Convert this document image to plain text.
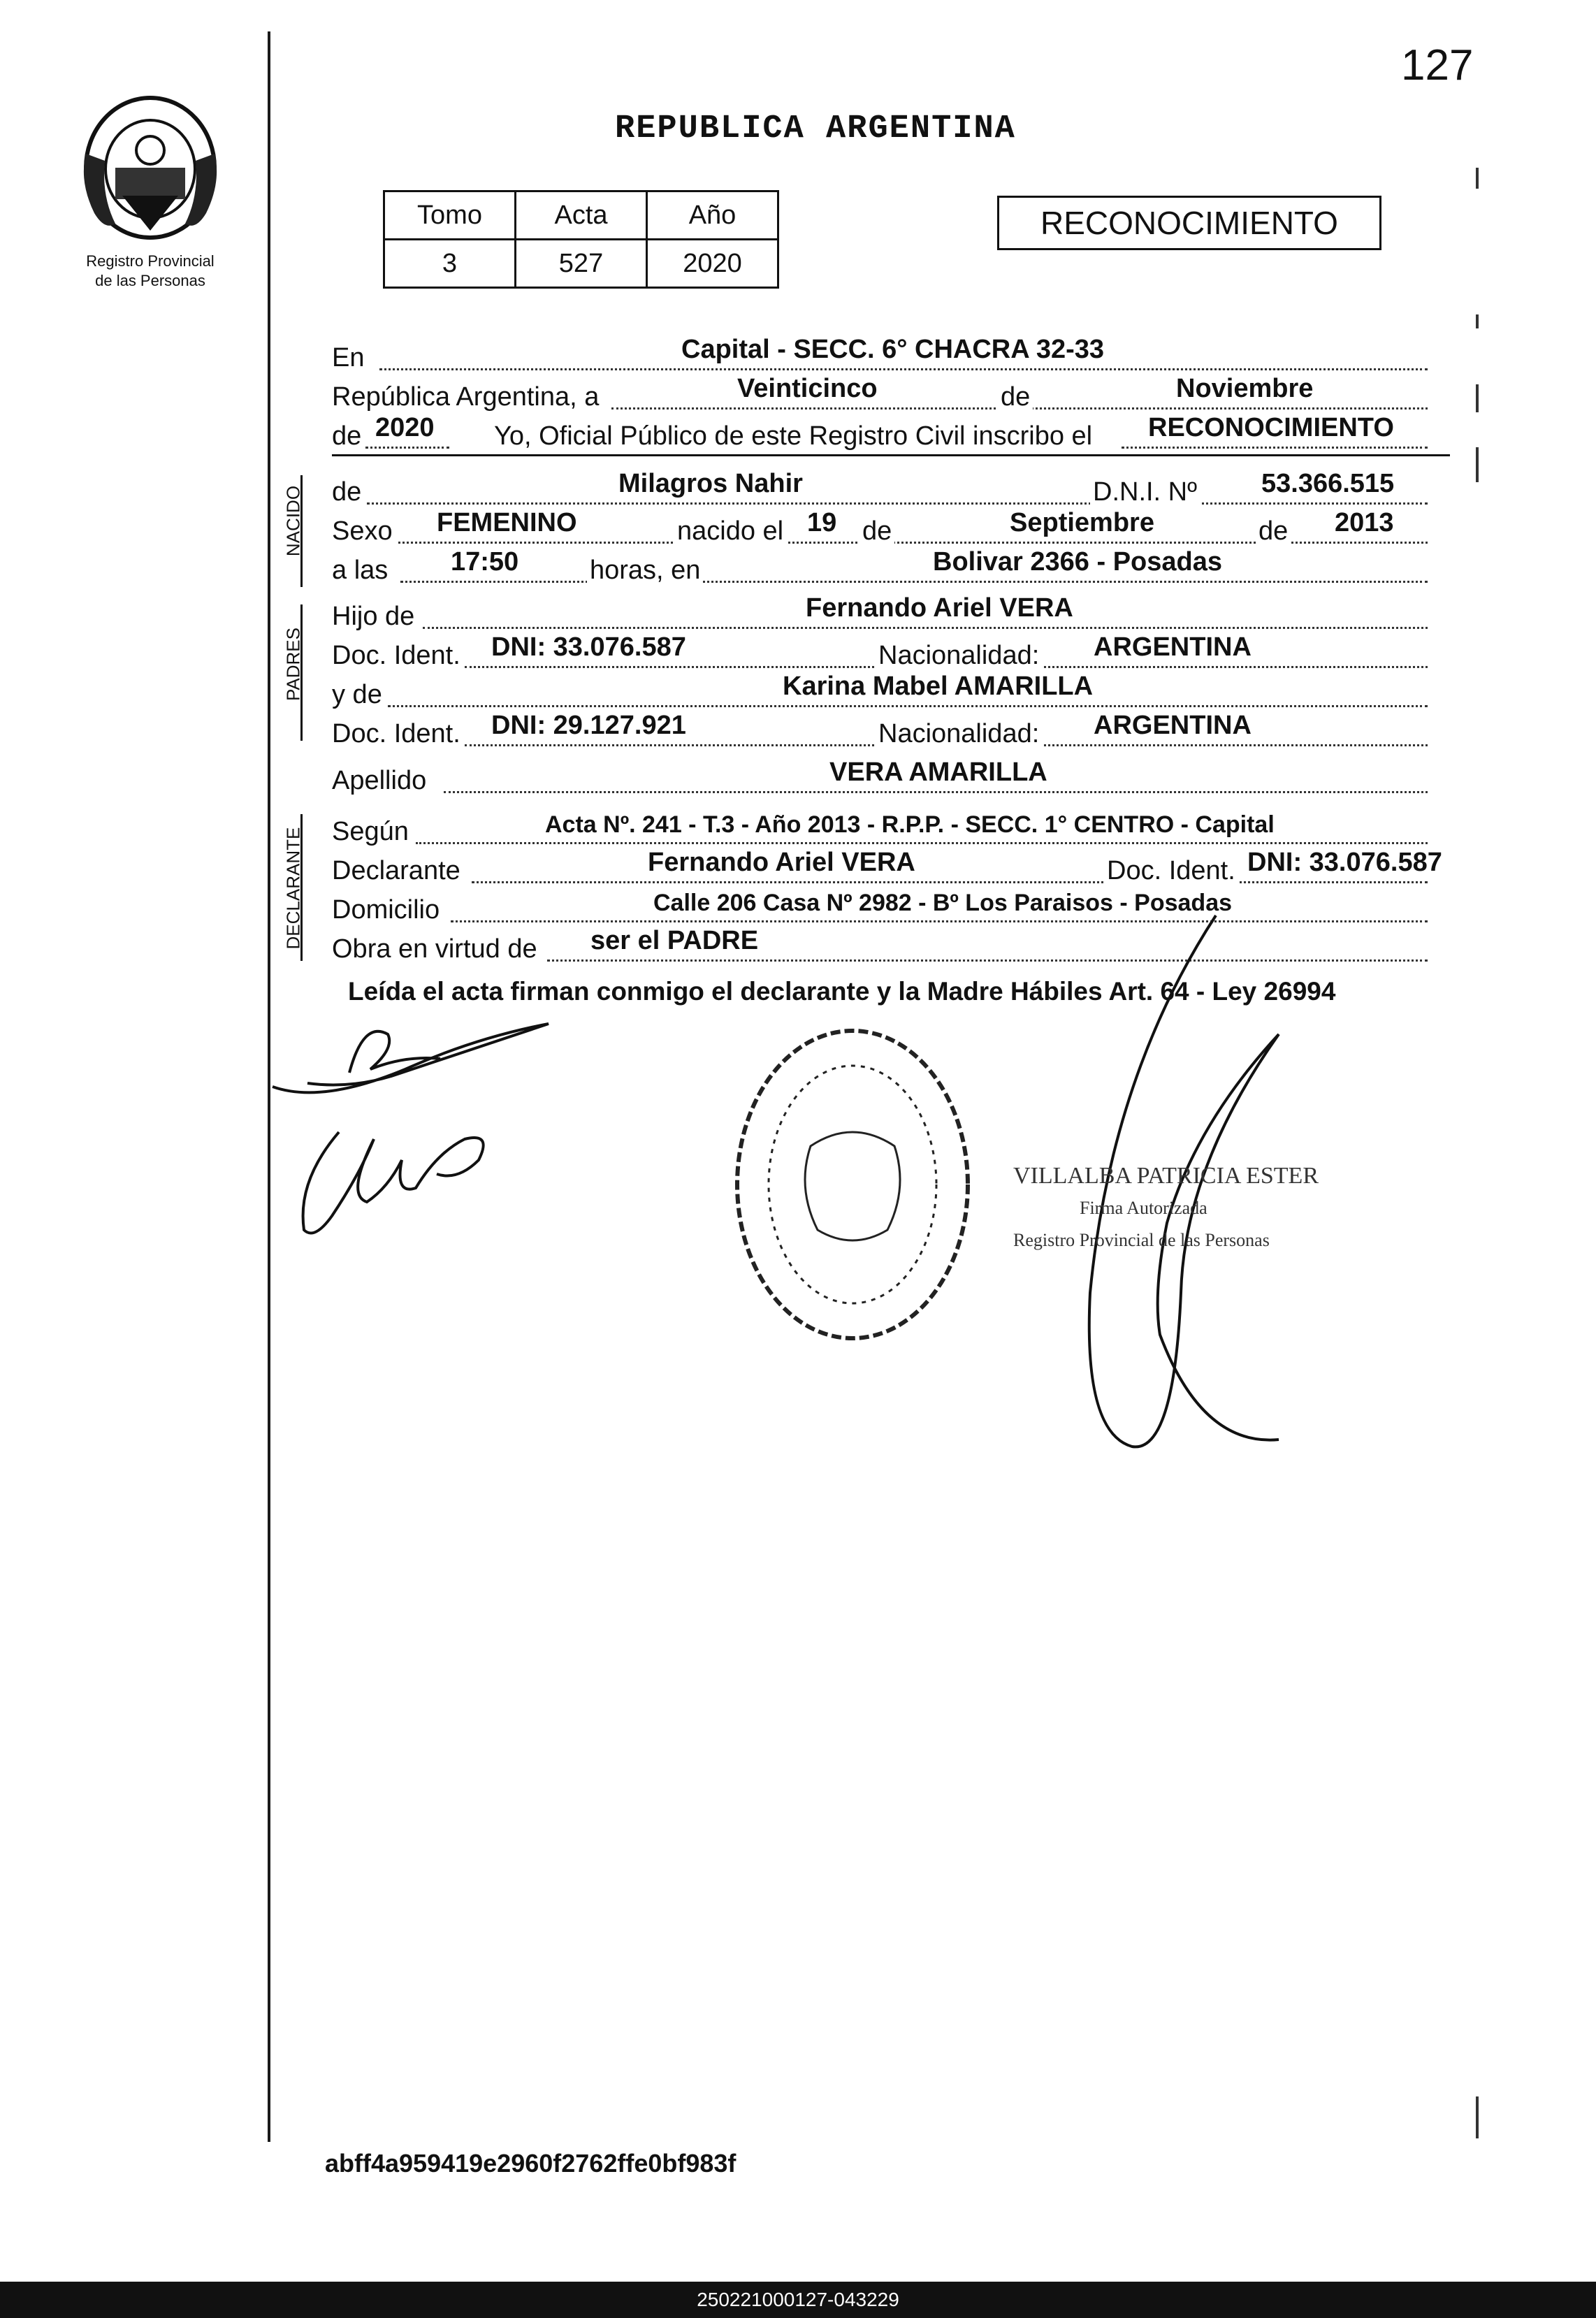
127
Registro Provincial
de las Personas
REPUBLICA ARGENTINA
Tomo	Acta	Año
3	527	2020
RECONOCIMIENTO
En	Capital - SECC. 6° CHACRA 32-33
República Argentina, a	Veinticinco	de	Noviembre
de 2020 Yo, Oficial Público de este Registro Civil inscribo el RECONOCIMIENTO
NACIDO de	Milagros Nahir	D.N.I. Nº 53.366.515
Sexo FEMENINO	nacido el 19 de	Septiembre	de 2013
a las 17:50	horas, en	Bolivar 2366 - Posadas
PADRES
Hijo de	Fernando Ariel VERA
Doc. Ident. DNI: 33.076.587	Nacionalidad: ARGENTINA
y de	Karina Mabel AMARILLA
Doc. Ident. DNI: 29.127.921	Nacionalidad: ARGENTINA
Apellido	VERA AMARILLA
DECLARANTE Según	Acta Nº. 241 - T.3 - Año 2013 - R.P.P. - SECC. 1° CENTRO - Capital
Declarante	Fernando Ariel VERA	Doc. Ident. DNI: 33.076.587
Domicilio	Calle 206 Casa Nº 2982 - Bº Los Paraisos - Posadas
Obra en virtud de ser el PADRE
Leída el acta firman conmigo el declarante y la Madre Hábiles Art. 64 - Ley 26994
VILLALBA PATRICIA ESTER
Firma Autorizada
Registro Provincial de las Personas
abff4a959419e2960f2762ffe0bf983f
250221000127-043229
